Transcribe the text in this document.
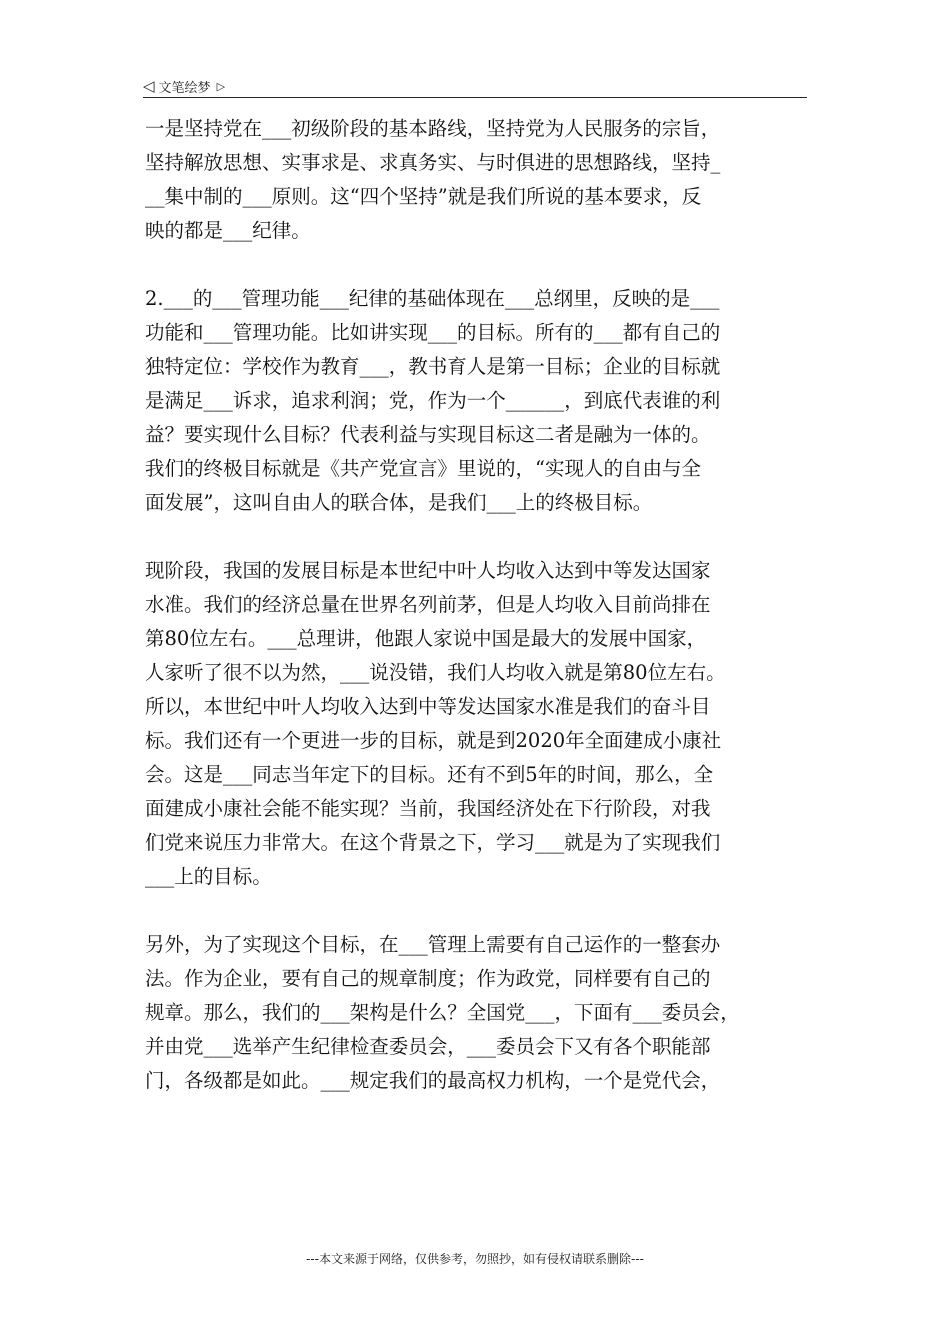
◁ 文笔绘梦 ▷
一是坚持党在___初级阶段的基本路线，坚持党为人民服务的宗旨，
坚持解放思想、实事求是、求真务实、与时俱进的思想路线，坚持_
__集中制的___原则。这“四个坚持”就是我们所说的基本要求，反
映的都是___纪律。
2.___的___管理功能___纪律的基础体现在___总纲里，反映的是___
功能和___管理功能。比如讲实现___的目标。所有的___都有自己的
独特定位：学校作为教育___，教书育人是第一目标；企业的目标就
是满足___诉求，追求利润；党，作为一个______，到底代表谁的利
益？要实现什么目标？代表利益与实现目标这二者是融为一体的。
我们的终极目标就是《共产党宣言》里说的，“实现人的自由与全
面发展”，这叫自由人的联合体，是我们___上的终极目标。
现阶段，我国的发展目标是本世纪中叶人均收入达到中等发达国家
水准。我们的经济总量在世界名列前茅，但是人均收入目前尚排在
第80位左右。___总理讲，他跟人家说中国是最大的发展中国家，
人家听了很不以为然，___说没错，我们人均收入就是第80位左右。
所以，本世纪中叶人均收入达到中等发达国家水准是我们的奋斗目
标。我们还有一个更进一步的目标，就是到2020年全面建成小康社
会。这是___同志当年定下的目标。还有不到5年的时间，那么，全
面建成小康社会能不能实现？当前，我国经济处在下行阶段，对我
们党来说压力非常大。在这个背景之下，学习___就是为了实现我们
___上的目标。
另外，为了实现这个目标，在___管理上需要有自己运作的一整套办
法。作为企业，要有自己的规章制度；作为政党，同样要有自己的
规章。那么，我们的___架构是什么？全国党___，下面有___委员会，
并由党___选举产生纪律检查委员会，___委员会下又有各个职能部
门，各级都是如此。___规定我们的最高权力机构，一个是党代会，
---本文来源于网络，仅供参考，勿照抄，如有侵权请联系删除---
